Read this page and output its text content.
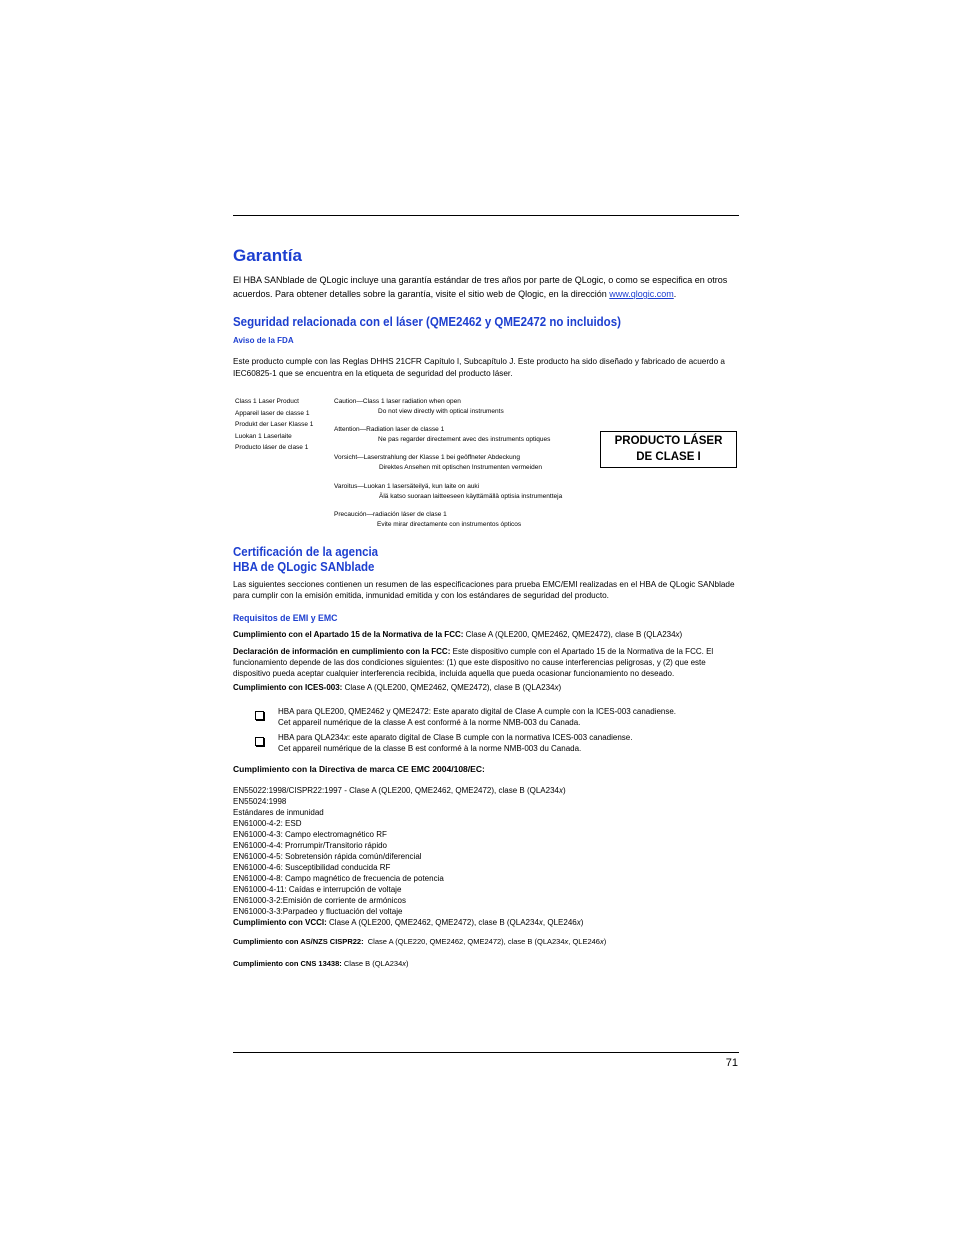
Garantía
El HBA SANblade de QLogic incluye una garantía estándar de tres años por parte de QLogic, o como se especifica en otros acuerdos. Para obtener detalles sobre la garantía, visite el sitio web de Qlogic, en la dirección www.qlogic.com.
Seguridad relacionada con el láser (QME2462 y QME2472 no incluidos)
Aviso de la FDA
Este producto cumple con las Reglas DHHS 21CFR Capítulo I, Subcapítulo J. Este producto ha sido diseñado y fabricado de acuerdo a IEC60825-1 que se encuentra en la etiqueta de seguridad del producto láser.
Class 1 Laser Product
Appareil laser de classe 1
Produkt der Laser Klasse 1
Luokan 1 Laserlaite
Producto láser de clase 1
Caution—Class 1 laser radiation when open
Do not view directly with optical instruments
Attention—Radiation laser de classe 1
Ne pas regarder directement avec des instruments optiques
Vorsicht—Laserstrahlung der Klasse 1 bei geöffneter Abdeckung
Direktes Ansehen mit optischen Instrumenten vermeiden
Varoitus—Luokan 1 lasersäteilyä, kun laite on auki
Älä katso suoraan laitteeseen käyttämällä optisia instrumentteja
Precaución—radiación láser de clase 1
Evite mirar directamente con instrumentos ópticos
PRODUCTO LÁSER
DE CLASE I
Certificación de la agencia
HBA de QLogic SANblade
Las siguientes secciones contienen un resumen de las especificaciones para prueba EMC/EMI realizadas en el HBA de QLogic SANblade para cumplir con la emisión emitida, inmunidad emitida y con los estándares de seguridad del producto.
Requisitos de EMI y EMC
Cumplimiento con el Apartado 15 de la Normativa de la FCC: Clase A (QLE200, QME2462, QME2472), clase B (QLA234x)
Declaración de información en cumplimiento con la FCC: Este dispositivo cumple con el Apartado 15 de la Normativa de la FCC. El funcionamiento depende de las dos condiciones siguientes: (1) que este dispositivo no cause interferencias peligrosas, y (2) que este dispositivo pueda aceptar cualquier interferencia recibida, incluida aquella que pueda ocasionar funcionamiento no deseado.
Cumplimiento con ICES-003: Clase A (QLE200, QME2462, QME2472), clase B (QLA234x)
HBA para QLE200, QME2462 y QME2472: Este aparato digital de Clase A cumple con la ICES-003 canadiense.
Cet appareil numérique de la classe A est conformé à la norme NMB-003 du Canada.
HBA para QLA234x: este aparato digital de Clase B cumple con la normativa ICES-003 canadiense.
Cet appareil numérique de la classe B est conformé à la norme NMB-003 du Canada.
Cumplimiento con la Directiva de marca CE EMC 2004/108/EC:
EN55022:1998/CISPR22:1997 - Clase A (QLE200, QME2462, QME2472), clase B (QLA234x)
EN55024:1998
Estándares de inmunidad
EN61000-4-2: ESD
EN61000-4-3: Campo electromagnético RF
EN61000-4-4: Prorrumpir/Transitorio rápido
EN61000-4-5: Sobretensión rápida común/diferencial
EN61000-4-6: Susceptibilidad conducida RF
EN61000-4-8: Campo magnético de frecuencia de potencia
EN61000-4-11: Caídas e interrupción de voltaje
EN61000-3-2:Emisión de corriente de armónicos
EN61000-3-3:Parpadeo y fluctuación del voltaje
Cumplimiento con VCCI: Clase A (QLE200, QME2462, QME2472), clase B (QLA234x, QLE246x)
Cumplimiento con AS/NZS CISPR22: Clase A (QLE220, QME2462, QME2472), clase B (QLA234x, QLE246x)
Cumplimiento con CNS 13438: Clase B (QLA234x)
71
